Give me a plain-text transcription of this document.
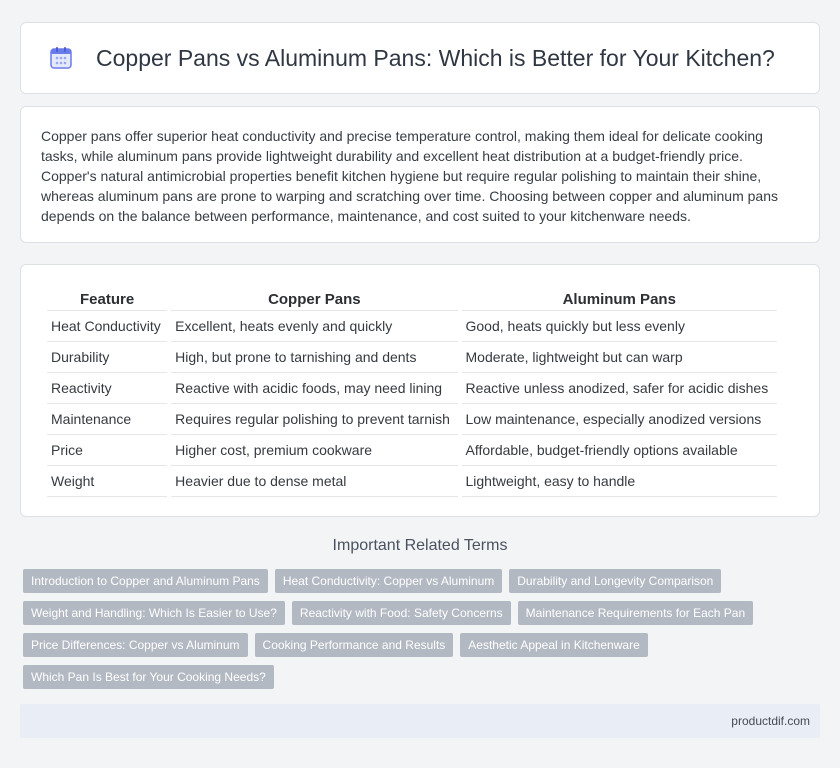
Copper Pans vs Aluminum Pans: Which is Better for Your Kitchen?

Copper pans offer superior heat conductivity and precise temperature control, making them ideal for delicate cooking tasks, while aluminum pans provide lightweight durability and excellent heat distribution at a budget-friendly price. Copper's natural antimicrobial properties benefit kitchen hygiene but require regular polishing to maintain their shine, whereas aluminum pans are prone to warping and scratching over time. Choosing between copper and aluminum pans depends on the balance between performance, maintenance, and cost suited to your kitchenware needs.

Feature	Copper Pans	Aluminum Pans
Heat Conductivity	Excellent, heats evenly and quickly	Good, heats quickly but less evenly
Durability	High, but prone to tarnishing and dents	Moderate, lightweight but can warp
Reactivity	Reactive with acidic foods, may need lining	Reactive unless anodized, safer for acidic dishes
Maintenance	Requires regular polishing to prevent tarnish	Low maintenance, especially anodized versions
Price	Higher cost, premium cookware	Affordable, budget-friendly options available
Weight	Heavier due to dense metal	Lightweight, easy to handle
Important Related Terms
Introduction to Copper and Aluminum Pans	Heat Conductivity: Copper vs Aluminum	Durability and Longevity Comparison
Weight and Handling: Which Is Easier to Use?	Reactivity with Food: Safety Concerns	Maintenance Requirements for Each Pan
Price Differences: Copper vs Aluminum	Cooking Performance and Results	Aesthetic Appeal in Kitchenware
Which Pan Is Best for Your Cooking Needs?
productdif.com
